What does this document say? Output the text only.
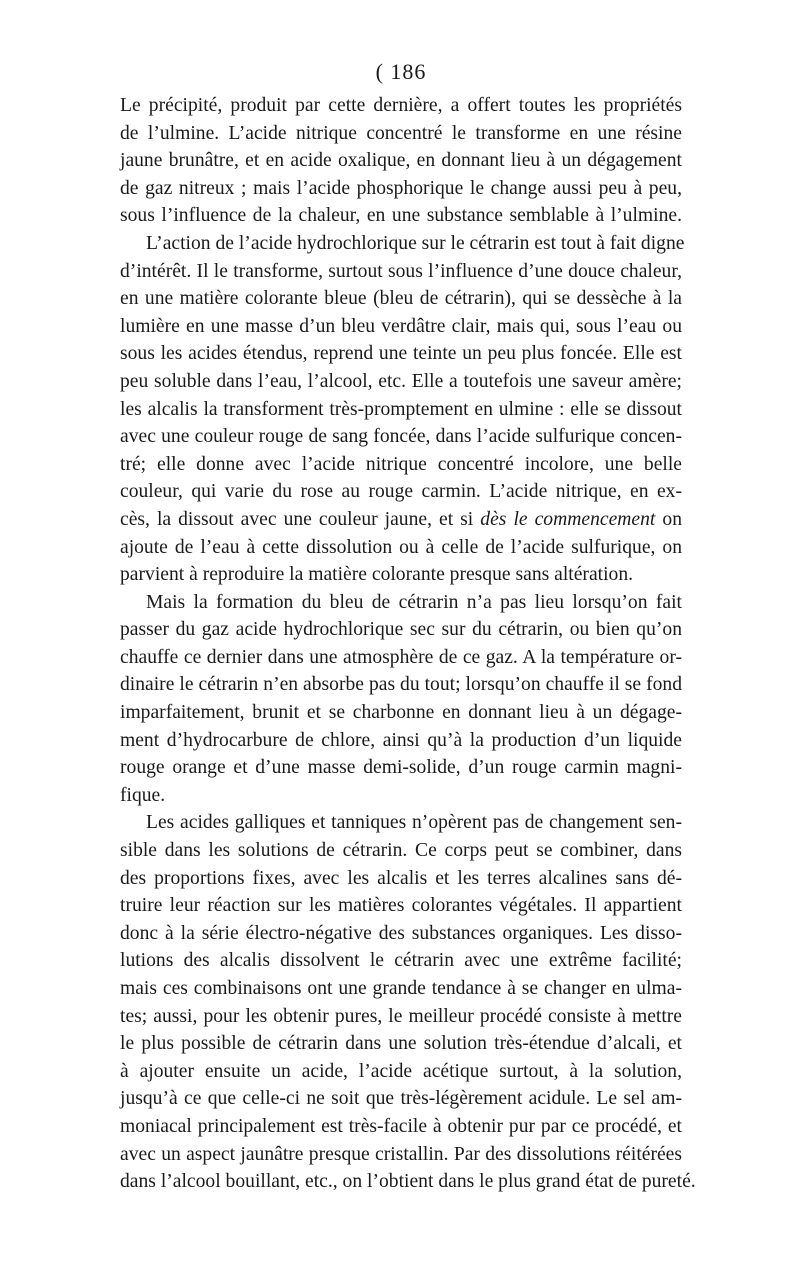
( 186
Le précipité, produit par cette dernière, a offert toutes les propriétés
de l’ulmine. L’acide nitrique concentré le transforme en une résine
jaune brunâtre, et en acide oxalique, en donnant lieu à un dégagement
de gaz nitreux ; mais l’acide phosphorique le change aussi peu à peu,
sous l’influence de la chaleur, en une substance semblable à l’ulmine.
L’action de l’acide hydrochlorique sur le cétrarin est tout à fait digne
d’intérêt. Il le transforme, surtout sous l’influence d’une douce chaleur,
en une matière colorante bleue (bleu de cétrarin), qui se dessèche à la
lumière en une masse d’un bleu verdâtre clair, mais qui, sous l’eau ou
sous les acides étendus, reprend une teinte un peu plus foncée. Elle est
peu soluble dans l’eau, l’alcool, etc. Elle a toutefois une saveur amère;
les alcalis la transforment très-promptement en ulmine : elle se dissout
avec une couleur rouge de sang foncée, dans l’acide sulfurique concen-
tré; elle donne avec l’acide nitrique concentré incolore, une belle
couleur, qui varie du rose au rouge carmin. L’acide nitrique, en ex-
cès, la dissout avec une couleur jaune, et si dès le commencement on
ajoute de l’eau à cette dissolution ou à celle de l’acide sulfurique, on
parvient à reproduire la matière colorante presque sans altération.
Mais la formation du bleu de cétrarin n’a pas lieu lorsqu’on fait
passer du gaz acide hydrochlorique sec sur du cétrarin, ou bien qu’on
chauffe ce dernier dans une atmosphère de ce gaz. A la température or-
dinaire le cétrarin n’en absorbe pas du tout; lorsqu’on chauffe il se fond
imparfaitement, brunit et se charbonne en donnant lieu à un dégage-
ment d’hydrocarbure de chlore, ainsi qu’à la production d’un liquide
rouge orange et d’une masse demi-solide, d’un rouge carmin magni-
fique.
Les acides galliques et tanniques n’opèrent pas de changement sen-
sible dans les solutions de cétrarin. Ce corps peut se combiner, dans
des proportions fixes, avec les alcalis et les terres alcalines sans dé-
truire leur réaction sur les matières colorantes végétales. Il appartient
donc à la série électro-négative des substances organiques. Les disso-
lutions des alcalis dissolvent le cétrarin avec une extrême facilité;
mais ces combinaisons ont une grande tendance à se changer en ulma-
tes; aussi, pour les obtenir pures, le meilleur procédé consiste à mettre
le plus possible de cétrarin dans une solution très-étendue d’alcali, et
à ajouter ensuite un acide, l’acide acétique surtout, à la solution,
jusqu’à ce que celle-ci ne soit que très-légèrement acidule. Le sel am-
moniacal principalement est très-facile à obtenir pur par ce procédé, et
avec un aspect jaunâtre presque cristallin. Par des dissolutions réitérées
dans l’alcool bouillant, etc., on l’obtient dans le plus grand état de pureté.
